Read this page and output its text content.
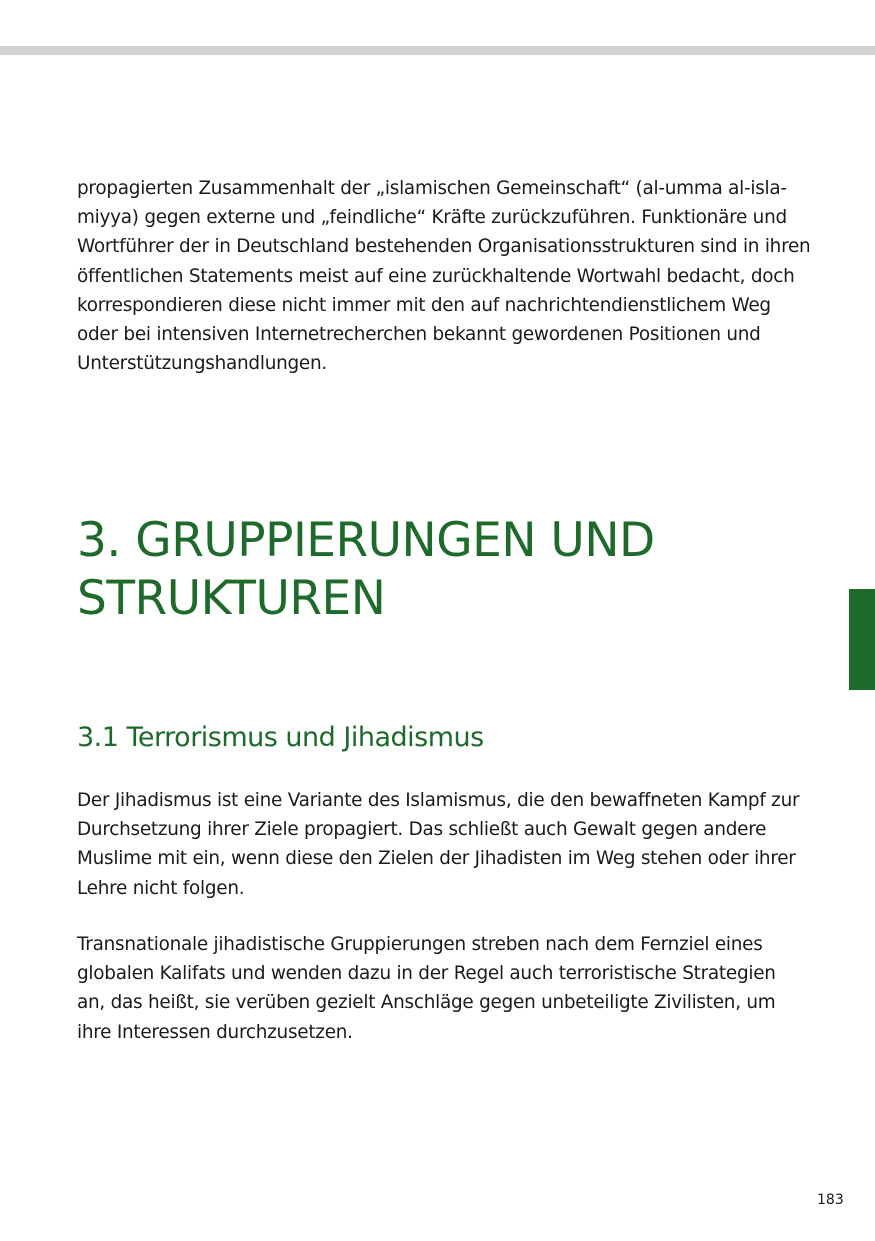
propagierten Zusammenhalt der „islamischen Gemeinschaft“ (al-umma al-isla-
miyya) gegen externe und „feindliche“ Kräfte zurückzuführen. Funktionäre und
Wortführer der in Deutschland bestehenden Organisationsstrukturen sind in ihren
öffentlichen Statements meist auf eine zurückhaltende Wortwahl bedacht, doch
korrespondieren diese nicht immer mit den auf nachrichtendienstlichem Weg
oder bei intensiven Internetrecherchen bekannt gewordenen Positionen und
Unterstützungshandlungen.

3. GRUPPIERUNGEN UND
STRUKTUREN
3.1 Terrorismus und Jihadismus

Der Jihadismus ist eine Variante des Islamismus, die den bewaffneten Kampf zur
Durchsetzung ihrer Ziele propagiert. Das schließt auch Gewalt gegen andere
Muslime mit ein, wenn diese den Zielen der Jihadisten im Weg stehen oder ihrer
Lehre nicht folgen.

Transnationale jihadistische Gruppierungen streben nach dem Fernziel eines
globalen Kalifats und wenden dazu in der Regel auch terroristische Strategien
an, das heißt, sie verüben gezielt Anschläge gegen unbeteiligte Zivilisten, um
ihre Interessen durchzusetzen.

183
